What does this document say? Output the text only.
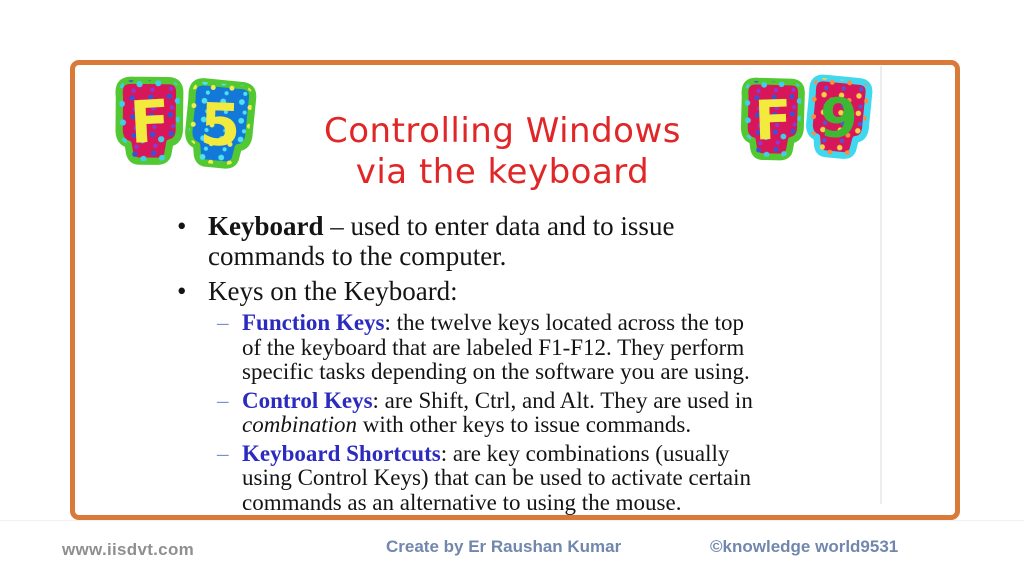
F 5	F 9
Controlling Windows
via the keyboard
• Keyboard – used to enter data and to issue
commands to the computer.
• Keys on the Keyboard:
– Function Keys: the twelve keys located across the top
of the keyboard that are labeled F1-F12. They perform
specific tasks depending on the software you are using.
– Control Keys: are Shift, Ctrl, and Alt. They are used in
combination with other keys to issue commands.
– Keyboard Shortcuts: are key combinations (usually
using Control Keys) that can be used to activate certain
commands as an alternative to using the mouse.
www.iisdvt.com	Create by Er Raushan Kumar	©knowledge world9531
